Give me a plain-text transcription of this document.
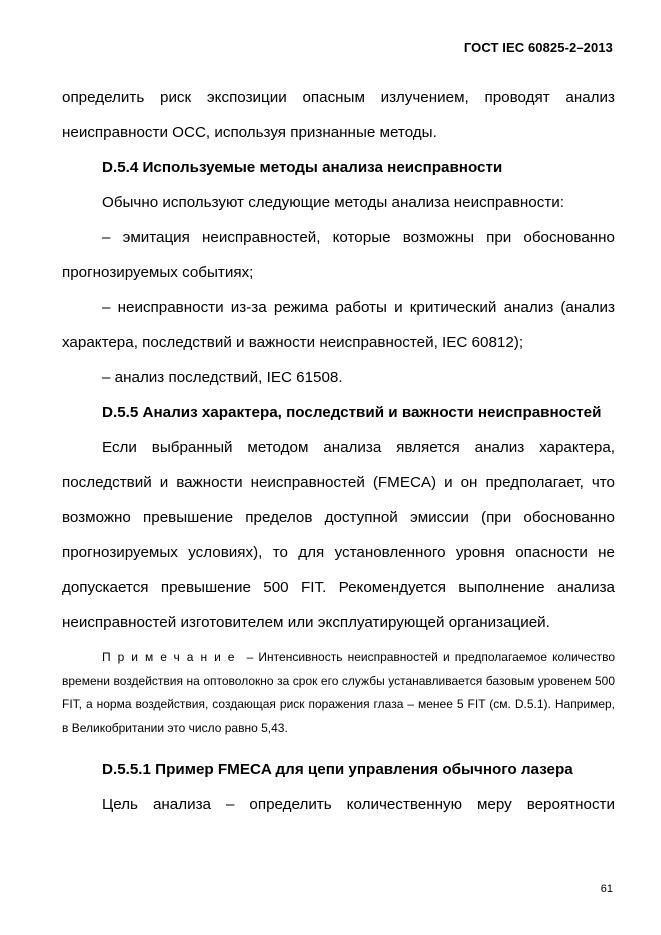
ГОСТ IEC 60825-2–2013

определить риск экспозиции опасным излучением, проводят анализ неисправности ОСС, используя признанные методы.

D.5.4 Используемые методы анализа неисправности

Обычно используют следующие методы анализа неисправности:

– эмитация неисправностей, которые возможны при обоснованно прогнозируемых событиях;

– неисправности из-за режима работы и критический анализ (анализ характера, последствий и важности неисправностей, IEC 60812);

– анализ последствий, IEC 61508.

D.5.5 Анализ характера, последствий и важности неисправностей

Если выбранный методом анализа является анализ характера, последствий и важности неисправностей (FMECA) и он предполагает, что возможно превышение пределов доступной эмиссии (при обоснованно прогнозируемых условиях), то для установленного уровня опасности не допускается превышение 500 FIT. Рекомендуется выполнение анализа неисправностей изготовителем или эксплуатирующей организацией.

Примечание – Интенсивность неисправностей и предполагаемое количество времени воздействия на оптоволокно за срок его службы устанавливается базовым уровенем 500 FIT, а норма воздействия, создающая риск поражения глаза – менее 5 FIT (см. D.5.1). Например, в Великобритании это число равно 5,43.

D.5.5.1 Пример FMECA для цепи управления обычного лазера

Цель анализа – определить количественную меру вероятности

61
